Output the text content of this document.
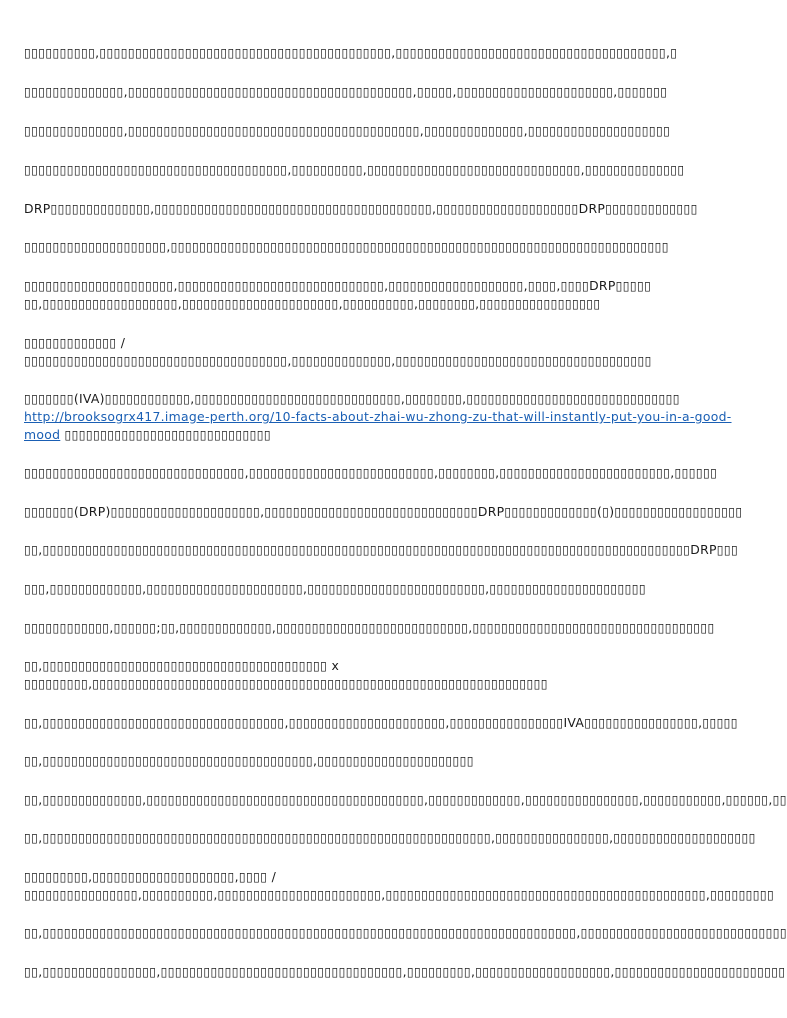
▯▯▯▯▯▯▯▯▯▯,▯▯▯▯▯▯▯▯▯▯▯▯▯▯▯▯▯▯▯▯▯▯▯▯▯▯▯▯▯▯▯▯▯▯▯▯▯▯▯▯▯,▯▯▯▯▯▯▯▯▯▯▯▯▯▯▯▯▯▯▯▯▯▯▯▯▯▯▯▯▯▯▯▯▯▯▯▯▯▯,▯

▯▯▯▯▯▯▯▯▯▯▯▯▯▯,▯▯▯▯▯▯▯▯▯▯▯▯▯▯▯▯▯▯▯▯▯▯▯▯▯▯▯▯▯▯▯▯▯▯▯▯▯▯▯▯,▯▯▯▯▯,▯▯▯▯▯▯▯▯▯▯▯▯▯▯▯▯▯▯▯▯▯▯,▯▯▯▯▯▯▯

▯▯▯▯▯▯▯▯▯▯▯▯▯▯,▯▯▯▯▯▯▯▯▯▯▯▯▯▯▯▯▯▯▯▯▯▯▯▯▯▯▯▯▯▯▯▯▯▯▯▯▯▯▯▯▯,▯▯▯▯▯▯▯▯▯▯▯▯▯▯,▯▯▯▯▯▯▯▯▯▯▯▯▯▯▯▯▯▯▯▯

▯▯▯▯▯▯▯▯▯▯▯▯▯▯▯▯▯▯▯▯▯▯▯▯▯▯▯▯▯▯▯▯▯▯▯▯▯,▯▯▯▯▯▯▯▯▯▯,▯▯▯▯▯▯▯▯▯▯▯▯▯▯▯▯▯▯▯▯▯▯▯▯▯▯▯▯▯▯,▯▯▯▯▯▯▯▯▯▯▯▯▯▯

DRP▯▯▯▯▯▯▯▯▯▯▯▯▯▯,▯▯▯▯▯▯▯▯▯▯▯▯▯▯▯▯▯▯▯▯▯▯▯▯▯▯▯▯▯▯▯▯▯▯▯▯▯▯▯,▯▯▯▯▯▯▯▯▯▯▯▯▯▯▯▯▯▯▯▯DRP▯▯▯▯▯▯▯▯▯▯▯▯▯

▯▯▯▯▯▯▯▯▯▯▯▯▯▯▯▯▯▯▯▯,▯▯▯▯▯▯▯▯▯▯▯▯▯▯▯▯▯▯▯▯▯▯▯▯▯▯▯▯▯▯▯▯▯▯▯▯▯▯▯▯▯▯▯▯▯▯▯▯▯▯▯▯▯▯▯▯▯▯▯▯▯▯▯▯▯▯▯▯▯▯

▯▯▯▯▯▯▯▯▯▯▯▯▯▯▯▯▯▯▯▯▯,▯▯▯▯▯▯▯▯▯▯▯▯▯▯▯▯▯▯▯▯▯▯▯▯▯▯▯▯▯,▯▯▯▯▯▯▯▯▯▯▯▯▯▯▯▯▯▯▯,▯▯▯▯,▯▯▯▯DRP▯▯▯▯▯
▯▯,▯▯▯▯▯▯▯▯▯▯▯▯▯▯▯▯▯▯▯,▯▯▯▯▯▯▯▯▯▯▯▯▯▯▯▯▯▯▯▯▯▯,▯▯▯▯▯▯▯▯▯▯,▯▯▯▯▯▯▯▯,▯▯▯▯▯▯▯▯▯▯▯▯▯▯▯▯▯
▯▯▯▯▯▯▯▯▯▯▯▯▯ /
▯▯▯▯▯▯▯▯▯▯▯▯▯▯▯▯▯▯▯▯▯▯▯▯▯▯▯▯▯▯▯▯▯▯▯▯▯,▯▯▯▯▯▯▯▯▯▯▯▯▯▯,▯▯▯▯▯▯▯▯▯▯▯▯▯▯▯▯▯▯▯▯▯▯▯▯▯▯▯▯▯▯▯▯▯▯▯▯
▯▯▯▯▯▯▯(IVA)▯▯▯▯▯▯▯▯▯▯▯▯,▯▯▯▯▯▯▯▯▯▯▯▯▯▯▯▯▯▯▯▯▯▯▯▯▯▯▯▯▯,▯▯▯▯▯▯▯▯,▯▯▯▯▯▯▯▯▯▯▯▯▯▯▯▯▯▯▯▯▯▯▯▯▯▯▯▯▯▯
http://brooksogrx417.image-perth.org/10-facts-about-zhai-wu-zhong-zu-that-will-instantly-put-you-in-a-good-
mood ▯▯▯▯▯▯▯▯▯▯▯▯▯▯▯▯▯▯▯▯▯▯▯▯▯▯▯▯▯

▯▯▯▯▯▯▯▯▯▯▯▯▯▯▯▯▯▯▯▯▯▯▯▯▯▯▯▯▯▯▯,▯▯▯▯▯▯▯▯▯▯▯▯▯▯▯▯▯▯▯▯▯▯▯▯▯▯,▯▯▯▯▯▯▯▯,▯▯▯▯▯▯▯▯▯▯▯▯▯▯▯▯▯▯▯▯▯▯▯▯,▯▯▯▯▯▯

▯▯▯▯▯▯▯(DRP)▯▯▯▯▯▯▯▯▯▯▯▯▯▯▯▯▯▯▯▯▯,▯▯▯▯▯▯▯▯▯▯▯▯▯▯▯▯▯▯▯▯▯▯▯▯▯▯▯▯▯▯DRP▯▯▯▯▯▯▯▯▯▯▯▯▯(▯)▯▯▯▯▯▯▯▯▯▯▯▯▯▯▯▯▯▯

▯▯,▯▯▯▯▯▯▯▯▯▯▯▯▯▯▯▯▯▯▯▯▯▯▯▯▯▯▯▯▯▯▯▯▯▯▯▯▯▯▯▯▯▯▯▯▯▯▯▯▯▯▯▯▯▯▯▯▯▯▯▯▯▯▯▯▯▯▯▯▯▯▯▯▯▯▯▯▯▯▯▯▯▯▯▯▯▯▯▯▯▯▯DRP▯▯▯

▯▯▯,▯▯▯▯▯▯▯▯▯▯▯▯▯,▯▯▯▯▯▯▯▯▯▯▯▯▯▯▯▯▯▯▯▯▯▯,▯▯▯▯▯▯▯▯▯▯▯▯▯▯▯▯▯▯▯▯▯▯▯▯▯,▯▯▯▯▯▯▯▯▯▯▯▯▯▯▯▯▯▯▯▯▯▯

▯▯▯▯▯▯▯▯▯▯▯▯,▯▯▯▯▯▯;▯▯,▯▯▯▯▯▯▯▯▯▯▯▯▯,▯▯▯▯▯▯▯▯▯▯▯▯▯▯▯▯▯▯▯▯▯▯▯▯▯▯▯,▯▯▯▯▯▯▯▯▯▯▯▯▯▯▯▯▯▯▯▯▯▯▯▯▯▯▯▯▯▯▯▯▯▯

▯▯,▯▯▯▯▯▯▯▯▯▯▯▯▯▯▯▯▯▯▯▯▯▯▯▯▯▯▯▯▯▯▯▯▯▯▯▯▯▯▯▯ x
▯▯▯▯▯▯▯▯▯,▯▯▯▯▯▯▯▯▯▯▯▯▯▯▯▯▯▯▯▯▯▯▯▯▯▯▯▯▯▯▯▯▯▯▯▯▯▯▯▯▯▯▯▯▯▯▯▯▯▯▯▯▯▯▯▯▯▯▯▯▯▯▯▯

▯▯,▯▯▯▯▯▯▯▯▯▯▯▯▯▯▯▯▯▯▯▯▯▯▯▯▯▯▯▯▯▯▯▯▯▯,▯▯▯▯▯▯▯▯▯▯▯▯▯▯▯▯▯▯▯▯▯▯,▯▯▯▯▯▯▯▯▯▯▯▯▯▯▯▯IVA▯▯▯▯▯▯▯▯▯▯▯▯▯▯▯▯,▯▯▯▯▯

▯▯,▯▯▯▯▯▯▯▯▯▯▯▯▯▯▯▯▯▯▯▯▯▯▯▯▯▯▯▯▯▯▯▯▯▯▯▯▯▯,▯▯▯▯▯▯▯▯▯▯▯▯▯▯▯▯▯▯▯▯▯▯

▯▯,▯▯▯▯▯▯▯▯▯▯▯▯▯▯,▯▯▯▯▯▯▯▯▯▯▯▯▯▯▯▯▯▯▯▯▯▯▯▯▯▯▯▯▯▯▯▯▯▯▯▯▯▯▯,▯▯▯▯▯▯▯▯▯▯▯▯▯,▯▯▯▯▯▯▯▯▯▯▯▯▯▯▯▯,▯▯▯▯▯▯▯▯▯▯▯,▯▯▯▯▯▯,▯▯

▯▯,▯▯▯▯▯▯▯▯▯▯▯▯▯▯▯▯▯▯▯▯▯▯▯▯▯▯▯▯▯▯▯▯▯▯▯▯▯▯▯▯▯▯▯▯▯▯▯▯▯▯▯▯▯▯▯▯▯▯▯▯▯▯▯,▯▯▯▯▯▯▯▯▯▯▯▯▯▯▯▯,▯▯▯▯▯▯▯▯▯▯▯▯▯▯▯▯▯▯▯▯

▯▯▯▯▯▯▯▯▯,▯▯▯▯▯▯▯▯▯▯▯▯▯▯▯▯▯▯▯▯,▯▯▯▯ /
▯▯▯▯▯▯▯▯▯▯▯▯▯▯▯▯,▯▯▯▯▯▯▯▯▯▯,▯▯▯▯▯▯▯▯▯▯▯▯▯▯▯▯▯▯▯▯▯▯▯,▯▯▯▯▯▯▯▯▯▯▯▯▯▯▯▯▯▯▯▯▯▯▯▯▯▯▯▯▯▯▯▯▯▯▯▯▯▯▯▯▯▯▯▯▯,▯▯▯▯▯▯▯▯▯

▯▯,▯▯▯▯▯▯▯▯▯▯▯▯▯▯▯▯▯▯▯▯▯▯▯▯▯▯▯▯▯▯▯▯▯▯▯▯▯▯▯▯▯▯▯▯▯▯▯▯▯▯▯▯▯▯▯▯▯▯▯▯▯▯▯▯▯▯▯▯▯▯▯▯▯▯▯,▯▯▯▯▯▯▯▯▯▯▯▯▯▯▯▯▯▯▯▯▯▯▯▯▯▯▯▯▯

▯▯,▯▯▯▯▯▯▯▯▯▯▯▯▯▯▯▯,▯▯▯▯▯▯▯▯▯▯▯▯▯▯▯▯▯▯▯▯▯▯▯▯▯▯▯▯▯▯▯▯▯▯,▯▯▯▯▯▯▯▯▯,▯▯▯▯▯▯▯▯▯▯▯▯▯▯▯▯▯▯▯,▯▯▯▯▯▯▯▯▯▯▯▯▯▯▯▯▯▯▯▯▯▯▯▯
